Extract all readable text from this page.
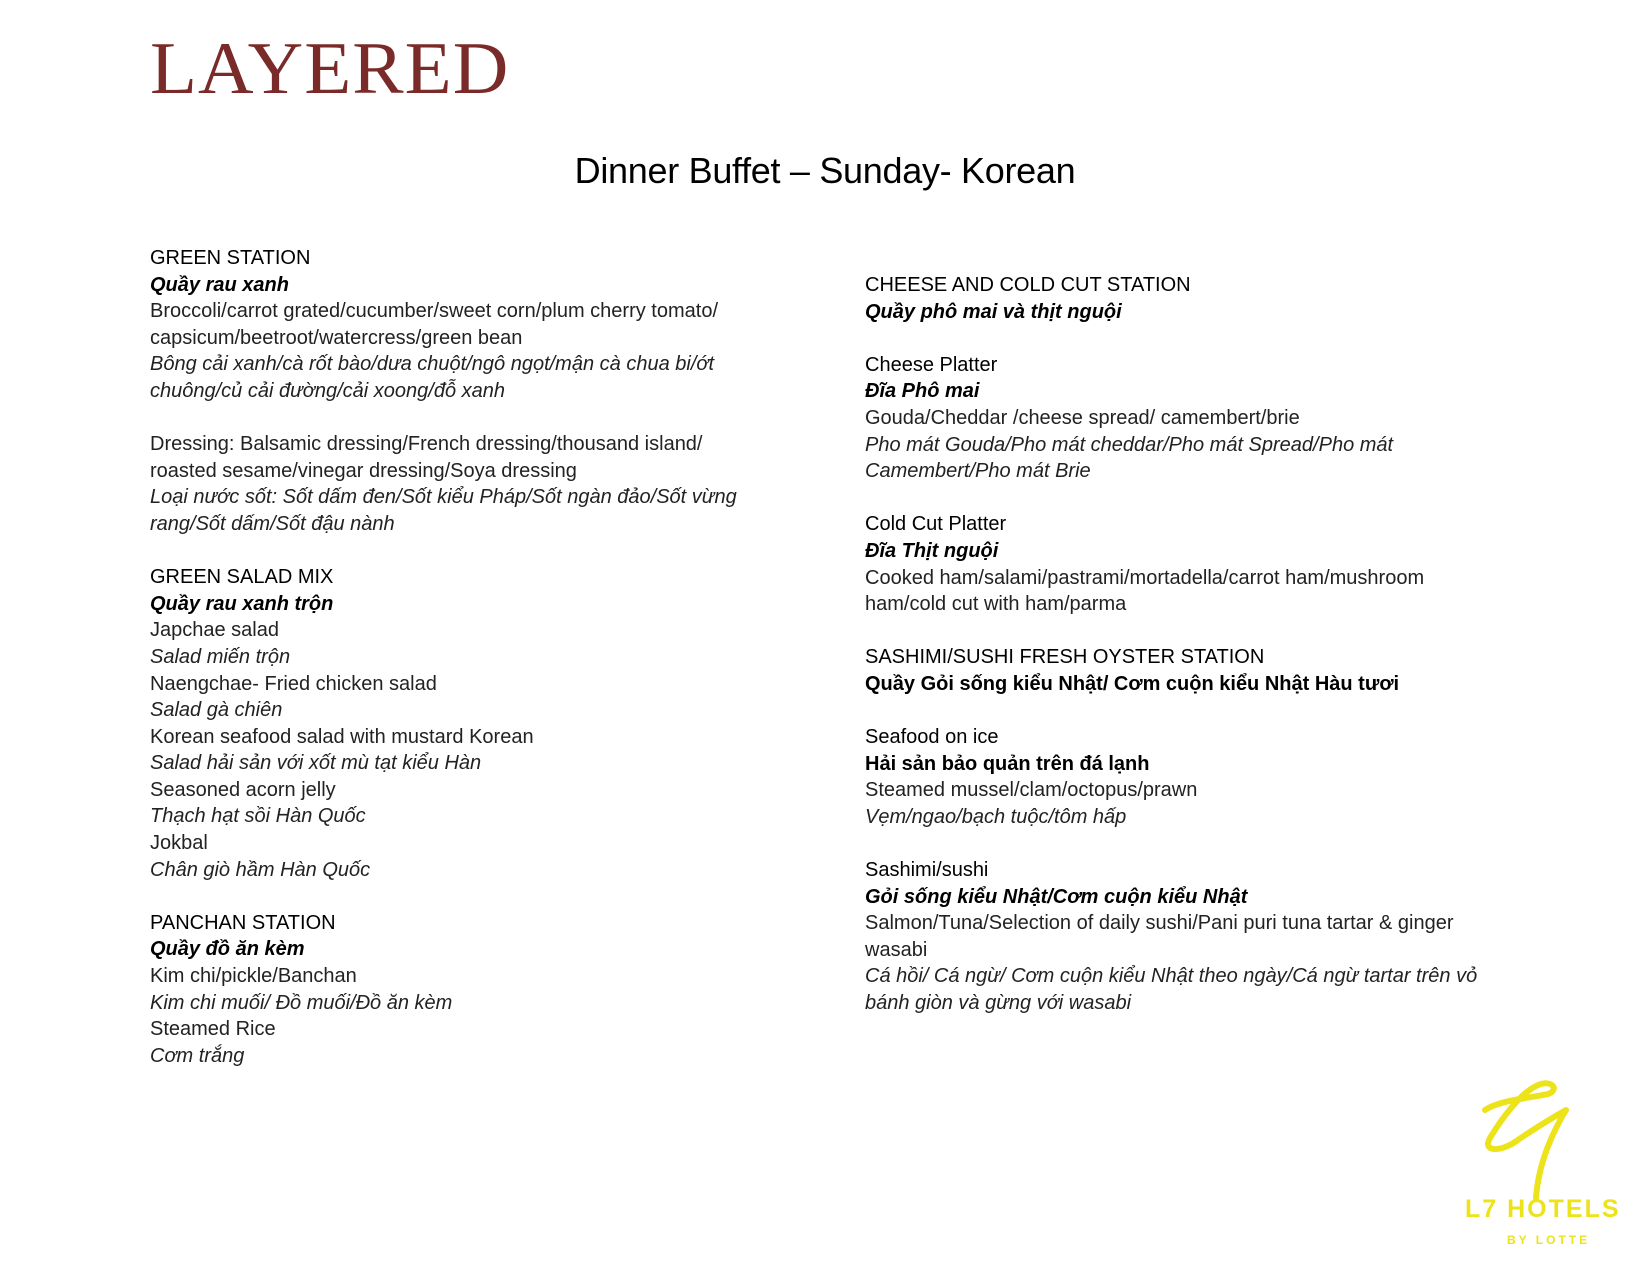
LAYERED
Dinner Buffet – Sunday- Korean
GREEN STATION
Quầy rau xanh
Broccoli/carrot grated/cucumber/sweet corn/plum cherry tomato/
capsicum/beetroot/watercress/green bean
Bông cải xanh/cà rốt bào/dưa chuột/ngô ngọt/mận cà chua bi/ớt
chuông/củ cải đường/cải xoong/đỗ xanh
Dressing: Balsamic dressing/French dressing/thousand island/
roasted sesame/vinegar dressing/Soya dressing
Loại nước sốt: Sốt dấm đen/Sốt kiểu Pháp/Sốt ngàn đảo/Sốt vừng
rang/Sốt dấm/Sốt đậu nành
GREEN SALAD MIX
Quầy rau xanh trộn
Japchae salad
Salad miến trộn
Naengchae- Fried chicken salad
Salad gà chiên
Korean seafood salad with mustard Korean
Salad hải sản với xốt mù tạt kiểu Hàn
Seasoned acorn jelly
Thạch hạt sồi Hàn Quốc
Jokbal
Chân giò hầm Hàn Quốc
PANCHAN STATION
Quầy đồ ăn kèm
Kim chi/pickle/Banchan
Kim chi muối/ Đồ muối/Đồ ăn kèm
Steamed Rice
Cơm trắng
CHEESE AND COLD CUT STATION
Quầy phô mai và thịt nguội
Cheese Platter
Đĩa Phô mai
Gouda/Cheddar /cheese spread/ camembert/brie
Pho mát Gouda/Pho mát cheddar/Pho mát Spread/Pho mát
Camembert/Pho mát Brie
Cold Cut Platter
Đĩa Thịt nguội
Cooked ham/salami/pastrami/mortadella/carrot ham/mushroom
ham/cold cut with ham/parma
SASHIMI/SUSHI FRESH OYSTER STATION
Quầy Gỏi sống kiểu Nhật/ Cơm cuộn kiểu Nhật Hàu tươi
Seafood on ice
Hải sản bảo quản trên đá lạnh
Steamed mussel/clam/octopus/prawn
Vẹm/ngao/bạch tuộc/tôm hấp
Sashimi/sushi
Gỏi sống kiểu Nhật/Cơm cuộn kiểu Nhật
Salmon/Tuna/Selection of daily sushi/Pani puri tuna tartar & ginger
wasabi
Cá hồi/ Cá ngừ/ Cơm cuộn kiểu Nhật theo ngày/Cá ngừ tartar trên vỏ
bánh giòn và gừng với wasabi
L7 HOTELS
BY LOTTE
